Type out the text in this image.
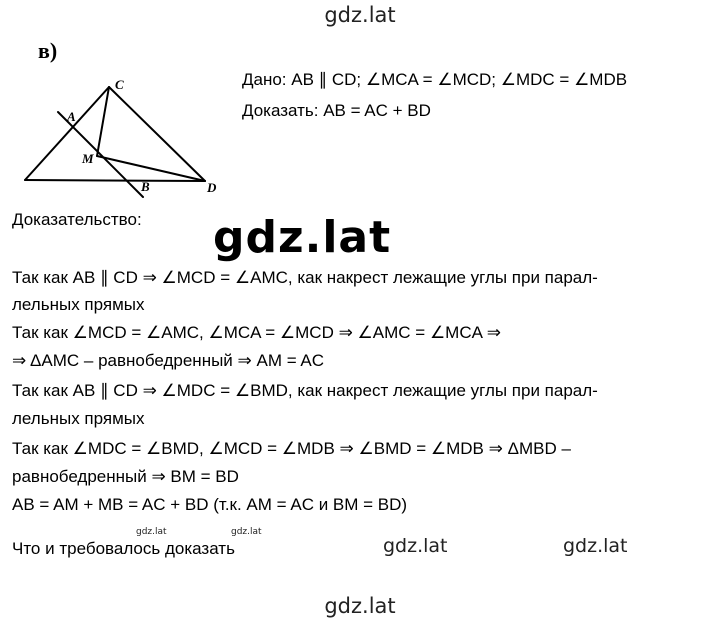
gdz.lat
в)
C
A
M
B	D
Дано: AB ∥ CD; ∠MCA = ∠MCD; ∠MDC = ∠MDB
Доказать: AB = AC + BD
Доказательство: gdz.lat
Так как AB ∥ CD ⇒ ∠MCD = ∠AMC, как накрест лежащие углы при парал-
лельных прямых
Так как ∠MCD = ∠AMC, ∠MCA = ∠MCD ⇒ ∠AMC = ∠MCA ⇒
⇒ ΔAMC – равнобедренный ⇒ AM = AC
Так как AB ∥ CD ⇒ ∠MDC = ∠BMD, как накрест лежащие углы при парал-
лельных прямых
Так как ∠MDC = ∠BMD, ∠MCD = ∠MDB ⇒ ∠BMD = ∠MDB ⇒ ΔMBD –
равнобедренный ⇒ BM = BD
AB = AM + MB = AC + BD (т.к. AM = AC и BM = BD)
gdz.lat	gdz.lat
Что и требовалось доказать	gdz.lat	gdz.lat
gdz.lat
